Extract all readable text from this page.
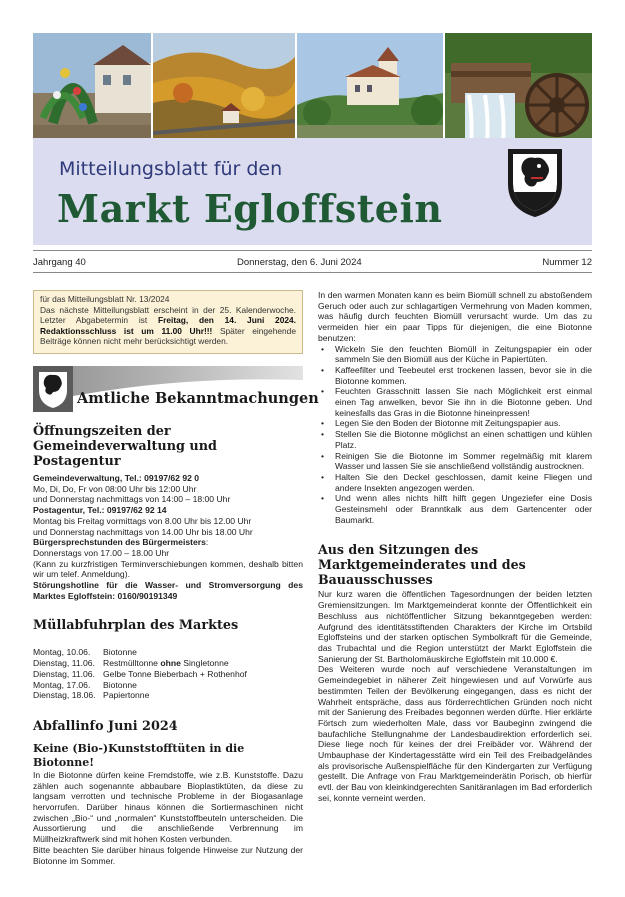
Mitteilungsblatt für den
Markt Egloffstein
Jahrgang 40	Donnerstag, den 6. Juni 2024	Nummer 12

für das Mitteilungsblatt Nr. 13/2024

Das nächste Mitteilungsblatt erscheint in der 25. Kalenderwoche. Letzter Abgabetermin ist Freitag, den 14. Juni 2024. Redaktionsschluss ist um 11.00 Uhr!!! Später eingehende Beiträge können nicht mehr berücksichtigt werden.

Amtliche Bekanntmachungen
Öffnungszeiten der Gemeindeverwaltung und Postagentur

Gemeindeverwaltung, Tel.: 09197/62 92 0

Mo, Di, Do, Fr von 08:00 Uhr bis 12:00 Uhr

und Donnerstag nachmittags von 14:00 – 18:00 Uhr

Postagentur, Tel.: 09197/62 92 14

Montag bis Freitag vormittags von 8.00 Uhr bis 12.00 Uhr

und Donnerstag nachmittags von 14.00 Uhr bis 18.00 Uhr

Bürgersprechstunden des Bürgermeisters:

Donnerstags von 17.00 – 18.00 Uhr

(Kann zu kurzfristigen Terminverschiebungen kommen, deshalb bitten wir um telef. Anmeldung).

Störungshotline für die Wasser- und Stromversorgung des Marktes Egloffstein: 0160/90191349

Müllabfuhrplan des Marktes
Montag, 10.06.	Biotonne
Dienstag, 11.06. Restmülltonne ohne Singletonne
Dienstag, 11.06. Gelbe Tonne Bieberbach + Rothenhof
Montag, 17.06.	Biotonne
Dienstag, 18.06. Papiertonne
Abfallinfo Juni 2024
Keine (Bio-)Kunststofftüten in die Biotonne!

In die Biotonne dürfen keine Fremdstoffe, wie z.B. Kunststoffe. Dazu zählen auch sogenannte abbaubare Bioplastiktüten, da diese zu langsam verrotten und technische Probleme in der Biogasanlage hervorrufen. Darüber hinaus können die Sortiermaschinen nicht zwischen „Bio-“ und „normalen“ Kunststoffbeuteln unterscheiden. Die Aussortierung und die anschließende Verbrennung im Müllheizkraftwerk sind mit hohen Kosten verbunden.

Bitte beachten Sie darüber hinaus folgende Hinweise zur Nutzung der Biotonne im Sommer.

In den warmen Monaten kann es beim Biomüll schnell zu abstoßendem Geruch oder auch zur schlagartigen Vermehrung von Maden kommen, was häufig durch feuchten Biomüll verursacht wurde. Um das zu vermeiden hier ein paar Tipps für diejenigen, die eine Biotonne benutzen:

• Wickeln Sie den feuchten Biomüll in Zeitungspapier ein oder sammeln Sie den Biomüll aus der Küche in Papiertüten.
• Kaffeefilter und Teebeutel erst trockenen lassen, bevor sie in die Biotonne kommen.
• Feuchten Grasschnitt lassen Sie nach Möglichkeit erst einmal einen Tag anwelken, bevor Sie ihn in die Biotonne geben. Und keinesfalls das Gras in die Biotonne hineinpressen!
• Legen Sie den Boden der Biotonne mit Zeitungspapier aus.
• Stellen Sie die Biotonne möglichst an einen schattigen und kühlen Platz.
• Reinigen Sie die Biotonne im Sommer regelmäßig mit klarem Wasser und lassen Sie sie anschließend vollständig austrocknen.
• Halten Sie den Deckel geschlossen, damit keine Fliegen und andere Insekten angezogen werden.
• Und wenn alles nichts hilft hilft gegen Ungeziefer eine Dosis Gesteinsmehl oder Branntkalk aus dem Gartencenter oder Baumarkt.
Aus den Sitzungen des Marktgemeinderates und des Bauausschusses

Nur kurz waren die öffentlichen Tagesordnungen der beiden letzten Gremiensitzungen. Im Marktgemeinderat konnte der Öffentlichkeit ein Beschluss aus nichtöffentlicher Sitzung bekanntgegeben werden: Aufgrund des identitätsstiftenden Charakters der Kirche im Ortsbild Egloffsteins und der starken optischen Symbolkraft für die Gemeinde, das Trubachtal und die Region unterstützt der Markt Egloffstein die Sanierung der St. Bartholomäuskirche Egloffstein mit 10.000 €.

Des Weiteren wurde noch auf verschiedene Veranstaltungen im Gemeindegebiet in näherer Zeit hingewiesen und auf Vorwürfe aus bestimmten Teilen der Bevölkerung eingegangen, dass es nicht der Wahrheit entspräche, dass aus förderrechtlichen Gründen noch nicht mit der Sanierung des Freibades begonnen werden dürfte. Hier erklärte Förtsch zum wiederholten Male, dass vor Baubeginn zwingend die baufachliche Stellungnahme der Landesbaudirektion erforderlich sei. Diese liege noch für keines der drei Freibäder vor. Während der Umbauphase der Kindertagesstätte wird ein Teil des Freibadgeländes als provisorische Außenspielfläche für den Kindergarten zur Verfügung gestellt. Die Anfrage von Frau Marktgemeinderätin Porisch, ob hierfür evtl. der Bau von kleinkindgerechten Sanitäranlagen im Bad erforderlich sei, konnte verneint werden.
